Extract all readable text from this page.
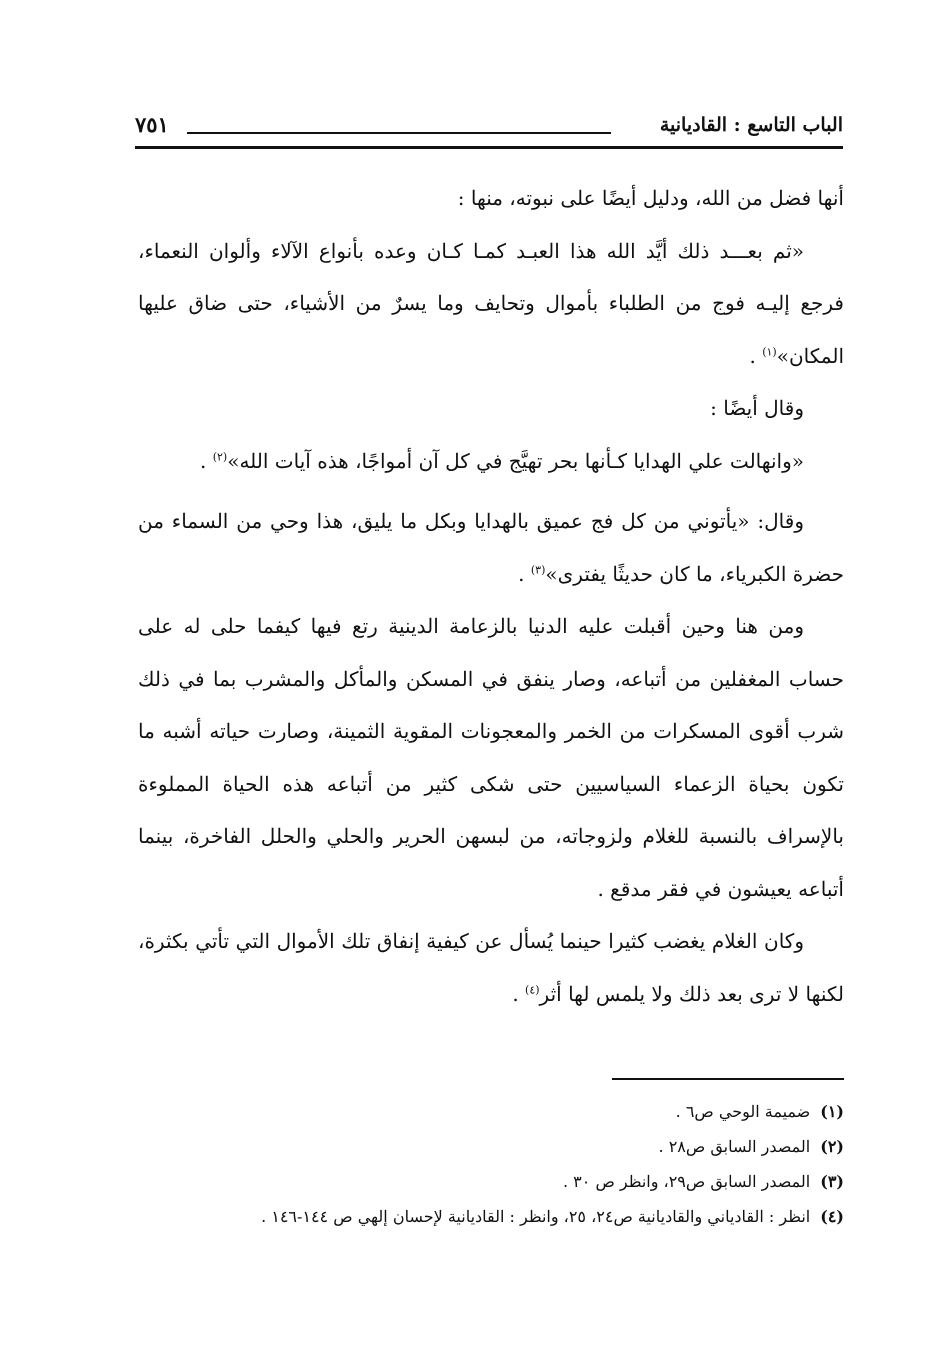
الباب التاسع : القاديانية
٧٥١

أنها فضل من الله، ودليل أيضًا على نبوته، منها :

«ثم بعـــد ذلك أيَّد الله هذا العبـد كمـا كـان وعده بأنواع الآلاء وألوان النعماء، فرجع إليـه فوج من الطلباء بأموال وتحايف وما يسرٌ من الأشياء، حتى ضاق عليها المكان»$^{(١)}$ .

وقال أيضًا :

«وانهالت علي الهدايا كـأنها بحر تهيَّج في كل آن أمواجًا، هذه آيات الله»$^{(٢)}$ .

وقال: «يأتوني من كل فج عميق بالهدايا وبكل ما يليق، هذا وحي من السماء من حضرة الكبرياء، ما كان حديثًا يفترى»$^{(٣)}$ .

ومن هنا وحين أقبلت عليه الدنيا بالزعامة الدينية رتع فيها كيفما حلى له على حساب المغفلين من أتباعه، وصار ينفق في المسكن والمأكل والمشرب بما في ذلك شرب أقوى المسكرات من الخمر والمعجونات المقوية الثمينة، وصارت حياته أشبه ما تكون بحياة الزعماء السياسيين حتى شكى كثير من أتباعه هذه الحياة المملوءة بالإسراف بالنسبة للغلام ولزوجاته، من لبسهن الحرير والحلي والحلل الفاخرة، بينما أتباعه يعيشون في فقر مدقع .

وكان الغلام يغضب كثيرا حينما يُسأل عن كيفية إنفاق تلك الأموال التي تأتي بكثرة، لكنها لا ترى بعد ذلك ولا يلمس لها أثر$^{(٤)}$ .

(١)ضميمة الوحي ص٦ .
(٢)المصدر السابق ص٢٨ .
(٣)المصدر السابق ص٢٩، وانظر ص ٣٠ .
(٤)انظر : القادياني والقاديانية ص٢٤، ٢٥، وانظر : القاديانية لإحسان إلهي ص ١٤٤-١٤٦ .
